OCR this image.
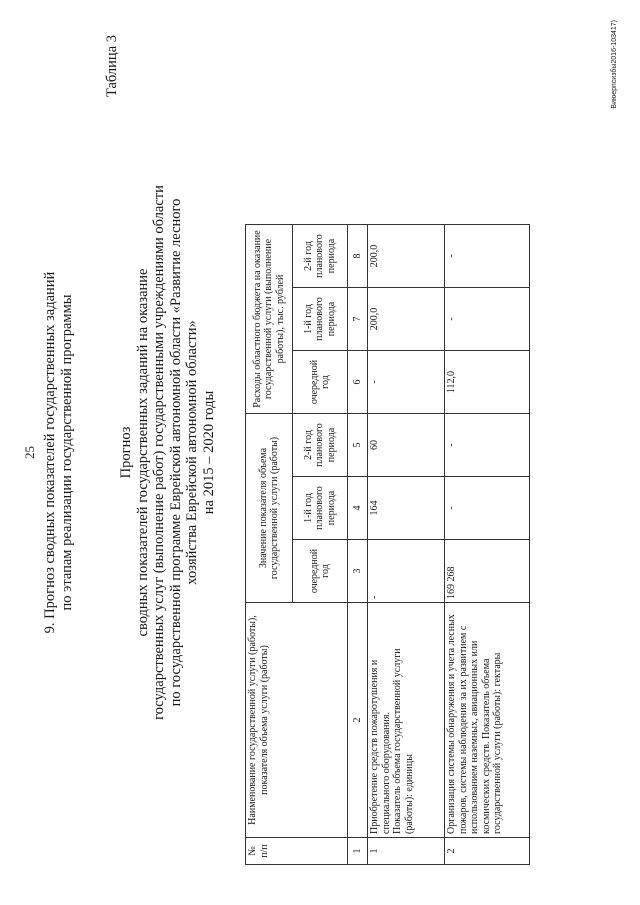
25 9. Прогноз сводных показателей государственных заданий по этапам реализации государственной программы
Таблица 3
Прогноз сводных показателей государственных заданий на оказание государственных услуг (выполнение работ) государственными учреждениями области по государственной программе Еврейской автономной области «Развитие лесного хозяйства Еврейской автономной области» на 2015 – 2020 годы
№ п/п	Наименование государственной услуги (работы), показателя объема услуги (работы)	Значение показателя объема государственной услуги (работы)			Расходы областного бюджета на оказание государственной услуги (выполнение работы), тыс. рублей		
		очередной год	1-й год планового периода	2-й год планового периода	очередной год	1-й год планового периода	2-й год планового периода
1	2	3	4	5	6	7	8
1	Приобретение средств пожаротушения и специального оборудования.
Показатель объема государственной услуги (работы): единицы	-	164	60	-	200,0	200,0
2	Организация системы обнаружения и учета лесных пожаров, системы наблюдения за их развитием с использованием наземных, авиационных или космических средств. Показатель объема государственной услуги (работы): гектары	169 268	-	-	112,0	-	-
Виюерпсизбы2016-103417)
